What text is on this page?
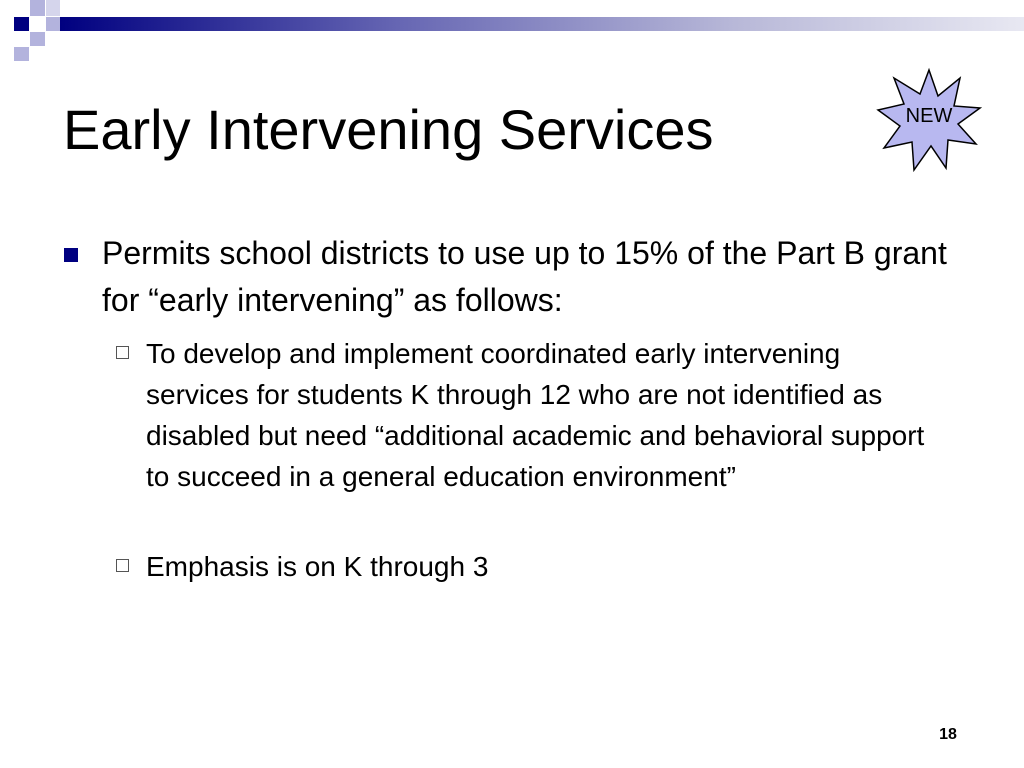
Early Intervening Services	NEW
Permits school districts to use up to 15% of the Part B grant for “early intervening” as follows:
To develop and implement coordinated early intervening services for students K through 12 who are not identified as disabled but need “additional academic and behavioral support to succeed in a general education environment”
Emphasis is on K through 3
18
